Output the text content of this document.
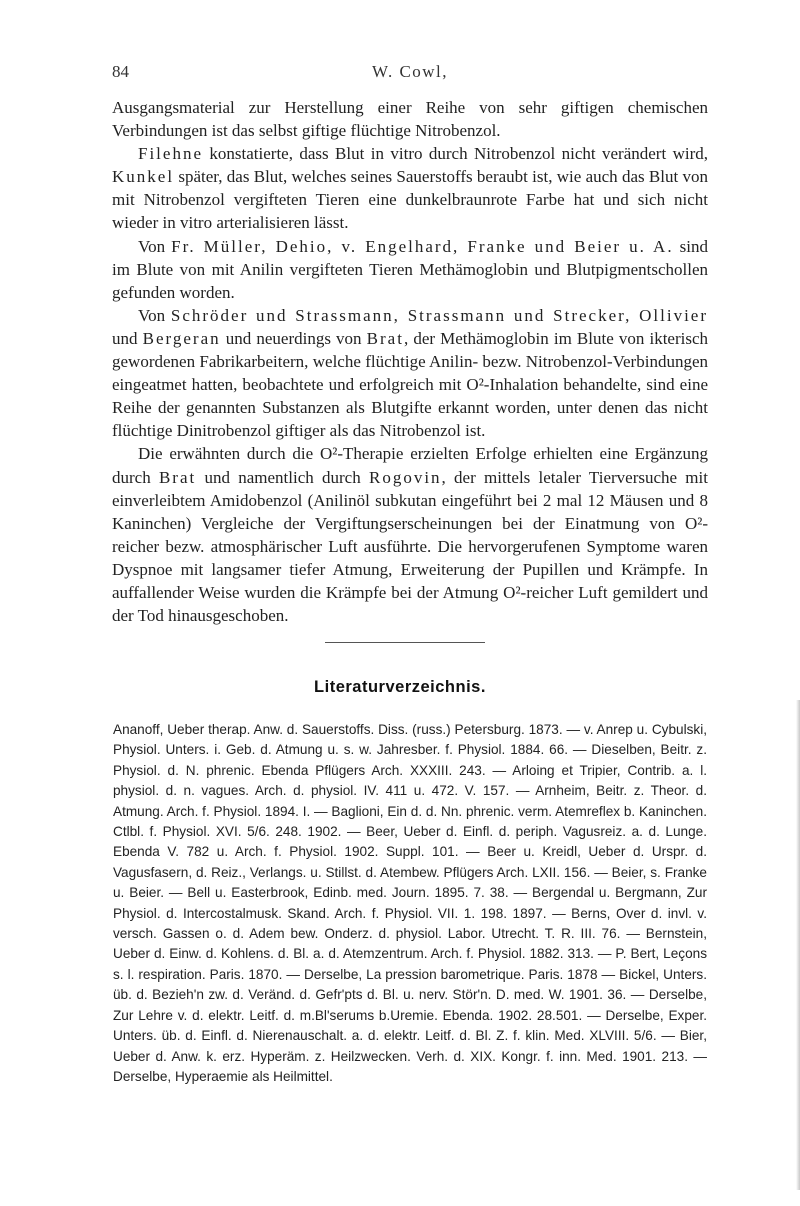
84	W. Cowl,

Ausgangsmaterial zur Herstellung einer Reihe von sehr giftigen chemischen Verbindungen ist das selbst giftige flüchtige Nitrobenzol.

Filehne konstatierte, dass Blut in vitro durch Nitrobenzol nicht verändert wird, Kunkel später, das Blut, welches seines Sauerstoffs beraubt ist, wie auch das Blut von mit Nitrobenzol vergifteten Tieren eine dunkelbraunrote Farbe hat und sich nicht wieder in vitro arterialisieren lässt.

Von Fr. Müller, Dehio, v. Engelhard, Franke und Beier u. A. sind im Blute von mit Anilin vergifteten Tieren Methämoglobin und Blutpigmentschollen gefunden worden.

Von Schröder und Strassmann, Strassmann und Strecker, Ollivier und Bergeran und neuerdings von Brat, der Methämoglobin im Blute von ikterisch gewordenen Fabrikarbeitern, welche flüchtige Anilin- bezw. Nitrobenzol-Verbindungen eingeatmet hatten, beobachtete und erfolgreich mit O²-Inhalation behandelte, sind eine Reihe der genannten Substanzen als Blutgifte erkannt worden, unter denen das nicht flüchtige Dinitrobenzol giftiger als das Nitrobenzol ist.

Die erwähnten durch die O²-Therapie erzielten Erfolge erhielten eine Ergänzung durch Brat und namentlich durch Rogovin, der mittels letaler Tierversuche mit einverleibtem Amidobenzol (Anilinöl subkutan eingeführt bei 2 mal 12 Mäusen und 8 Kaninchen) Vergleiche der Vergiftungserscheinungen bei der Einatmung von O²-reicher bezw. atmosphärischer Luft ausführte. Die hervorgerufenen Symptome waren Dyspnoe mit langsamer tiefer Atmung, Erweiterung der Pupillen und Krämpfe. In auffallender Weise wurden die Krämpfe bei der Atmung O²-reicher Luft gemildert und der Tod hinausgeschoben.

Literaturverzeichnis.
Ananoff, Ueber therap. Anw. d. Sauerstoffs. Diss. (russ.) Petersburg. 1873. — v. Anrep u. Cybulski, Physiol. Unters. i. Geb. d. Atmung u. s. w. Jahresber. f. Physiol. 1884. 66. — Dieselben, Beitr. z. Physiol. d. N. phrenic. Ebenda Pflügers Arch. XXXIII. 243. — Arloing et Tripier, Contrib. a. l. physiol. d. n. vagues. Arch. d. physiol. IV. 411 u. 472. V. 157. — Arnheim, Beitr. z. Theor. d. Atmung. Arch. f. Physiol. 1894. I. — Baglioni, Ein d. d. Nn. phrenic. verm. Atemreflex b. Kaninchen. Ctlbl. f. Physiol. XVI. 5/6. 248. 1902. — Beer, Ueber d. Einfl. d. periph. Vagusreiz. a. d. Lunge. Ebenda V. 782 u. Arch. f. Physiol. 1902. Suppl. 101. — Beer u. Kreidl, Ueber d. Urspr. d. Vagusfasern, d. Reiz., Verlangs. u. Stillst. d. Atembew. Pflügers Arch. LXII. 156. — Beier, s. Franke u. Beier. — Bell u. Easterbrook, Edinb. med. Journ. 1895. 7. 38. — Bergendal u. Bergmann, Zur Physiol. d. Intercostalmusk. Skand. Arch. f. Physiol. VII. 1. 198. 1897. — Berns, Over d. invl. v. versch. Gassen o. d. Adem bew. Onderz. d. physiol. Labor. Utrecht. T. R. III. 76. — Bernstein, Ueber d. Einw. d. Kohlens. d. Bl. a. d. Atemzentrum. Arch. f. Physiol. 1882. 313. — P. Bert, Leçons s. l. respiration. Paris. 1870. — Derselbe, La pression barometrique. Paris. 1878 — Bickel, Unters. üb. d. Bezieh'n zw. d. Veränd. d. Gefr'pts d. Bl. u. nerv. Stör'n. D. med. W. 1901. 36. — Derselbe, Zur Lehre v. d. elektr. Leitf. d. m.Bl'serums b.Uremie. Ebenda. 1902. 28.501. — Derselbe, Exper. Unters. üb. d. Einfl. d. Nierenauschalt. a. d. elektr. Leitf. d. Bl. Z. f. klin. Med. XLVIII. 5/6. — Bier, Ueber d. Anw. k. erz. Hyperäm. z. Heilzwecken. Verh. d. XIX. Kongr. f. inn. Med. 1901. 213. — Derselbe, Hyperaemie als Heilmittel.
